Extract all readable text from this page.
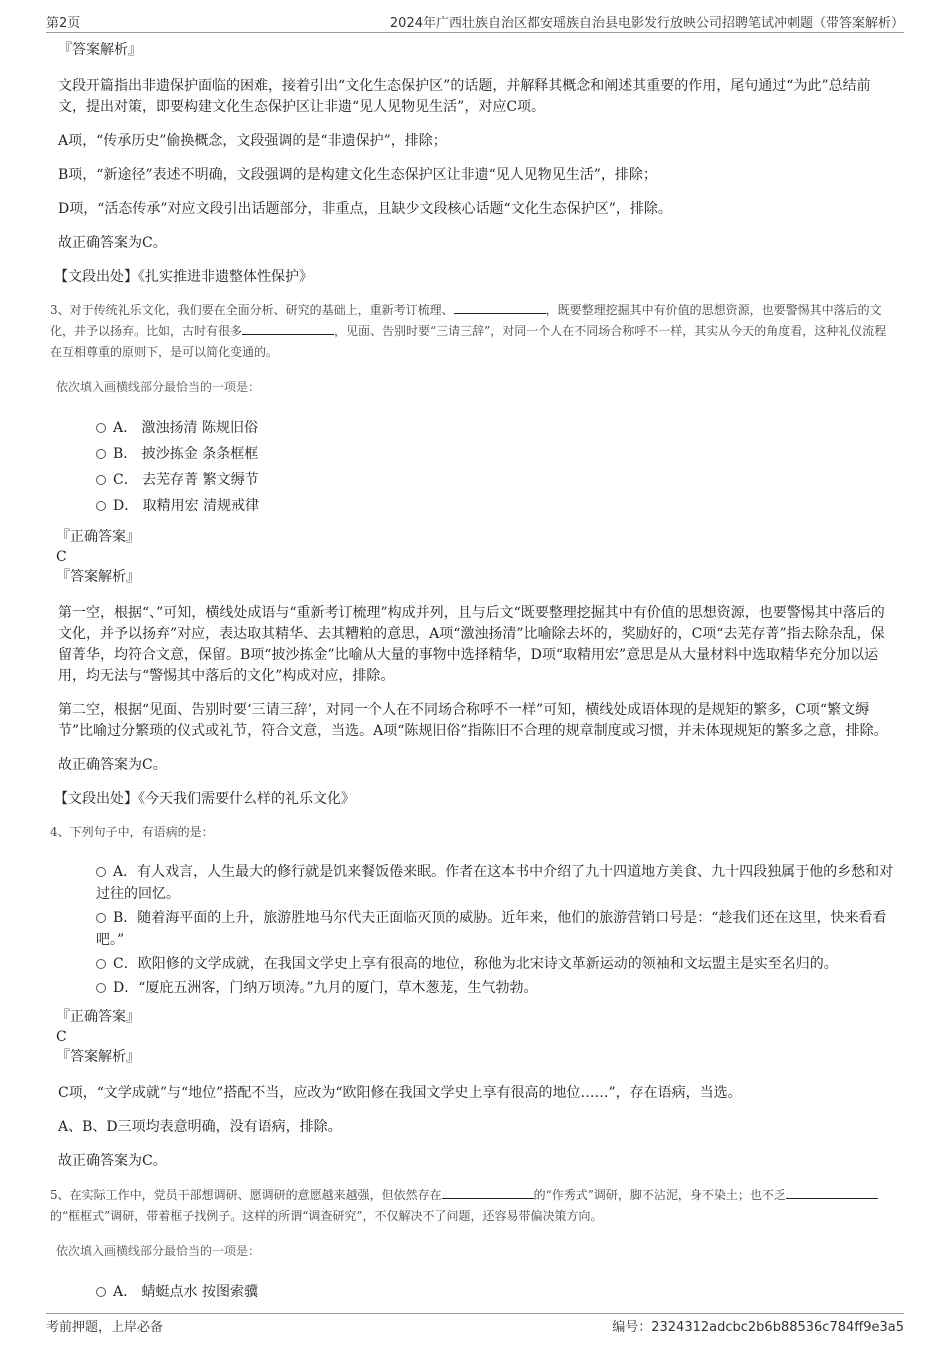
第2页	2024年广西壮族自治区都安瑶族自治县电影发行放映公司招聘笔试冲刺题（带答案解析）
『答案解析』
文段开篇指出非遗保护面临的困难，接着引出“文化生态保护区”的话题，并解释其概念和阐述其重要的作用，尾句通过“为此”总结前文，提出对策，即要构建文化生态保护区让非遗“见人见物见生活”，对应C项。
A项，“传承历史”偷换概念，文段强调的是“非遗保护”，排除；
B项，“新途径”表述不明确，文段强调的是构建文化生态保护区让非遗“见人见物见生活”，排除；
D项，“活态传承”对应文段引出话题部分，非重点，且缺少文段核心话题“文化生态保护区”，排除。
故正确答案为C。
【文段出处】《扎实推进非遗整体性保护》
3、对于传统礼乐文化，我们要在全面分析、研究的基础上，重新考订梳理、	，既要整理挖掘其中有价值的思想资源，也要警惕其中落后的文化，并予以扬弃。比如，古时有很多	，见面、告别时要“三请三辞”，对同一个人在不同场合称呼不一样，其实从今天的角度看，这种礼仪流程在互相尊重的原则下，是可以简化变通的。
依次填入画横线部分最恰当的一项是：
A． 激浊扬清 陈规旧俗
B． 披沙拣金 条条框框
C． 去芜存菁 繁文缛节
D． 取精用宏 清规戒律
『正确答案』
C
『答案解析』
第一空，根据“、”可知，横线处成语与“重新考订梳理”构成并列，且与后文“既要整理挖掘其中有价值的思想资源，也要警惕其中落后的文化，并予以扬弃”对应，表达取其精华、去其糟粕的意思，A项“激浊扬清”比喻除去坏的，奖励好的，C项“去芜存菁”指去除杂乱，保留菁华，均符合文意，保留。B项“披沙拣金”比喻从大量的事物中选择精华，D项“取精用宏”意思是从大量材料中选取精华充分加以运用，均无法与“警惕其中落后的文化”构成对应，排除。
第二空，根据“见面、告别时要‘三请三辞’，对同一个人在不同场合称呼不一样”可知，横线处成语体现的是规矩的繁多，C项“繁文缛节”比喻过分繁琐的仪式或礼节，符合文意，当选。A项“陈规旧俗”指陈旧不合理的规章制度或习惯，并未体现规矩的繁多之意，排除。
故正确答案为C。
【文段出处】《今天我们需要什么样的礼乐文化》
4、下列句子中，有语病的是：
A．有人戏言，人生最大的修行就是饥来餐饭倦来眠。作者在这本书中介绍了九十四道地方美食、九十四段独属于他的乡愁和对过往的回忆。
B．随着海平面的上升，旅游胜地马尔代夫正面临灭顶的威胁。近年来，他们的旅游营销口号是：“趁我们还在这里，快来看看吧。”
C．欧阳修的文学成就，在我国文学史上享有很高的地位，称他为北宋诗文革新运动的领袖和文坛盟主是实至名归的。
D．“厦庇五洲客，门纳万顷涛。”九月的厦门，草木葱茏，生气勃勃。
『正确答案』
C
『答案解析』
C项，“文学成就”与“地位”搭配不当，应改为“欧阳修在我国文学史上享有很高的地位……”，存在语病，当选。
A、B、D三项均表意明确，没有语病，排除。
故正确答案为C。
5、在实际工作中，党员干部想调研、愿调研的意愿越来越强，但依然存在	的“作秀式”调研，脚不沾泥，身不染土；也不乏的“框框式”调研，带着框子找例子。这样的所谓“调查研究”，不仅解决不了问题，还容易带偏决策方向。
依次填入画横线部分最恰当的一项是：
A． 蜻蜓点水 按图索骥
考前押题，上岸必备	编号：2324312adcbc2b6b88536c784ff9e3a5
